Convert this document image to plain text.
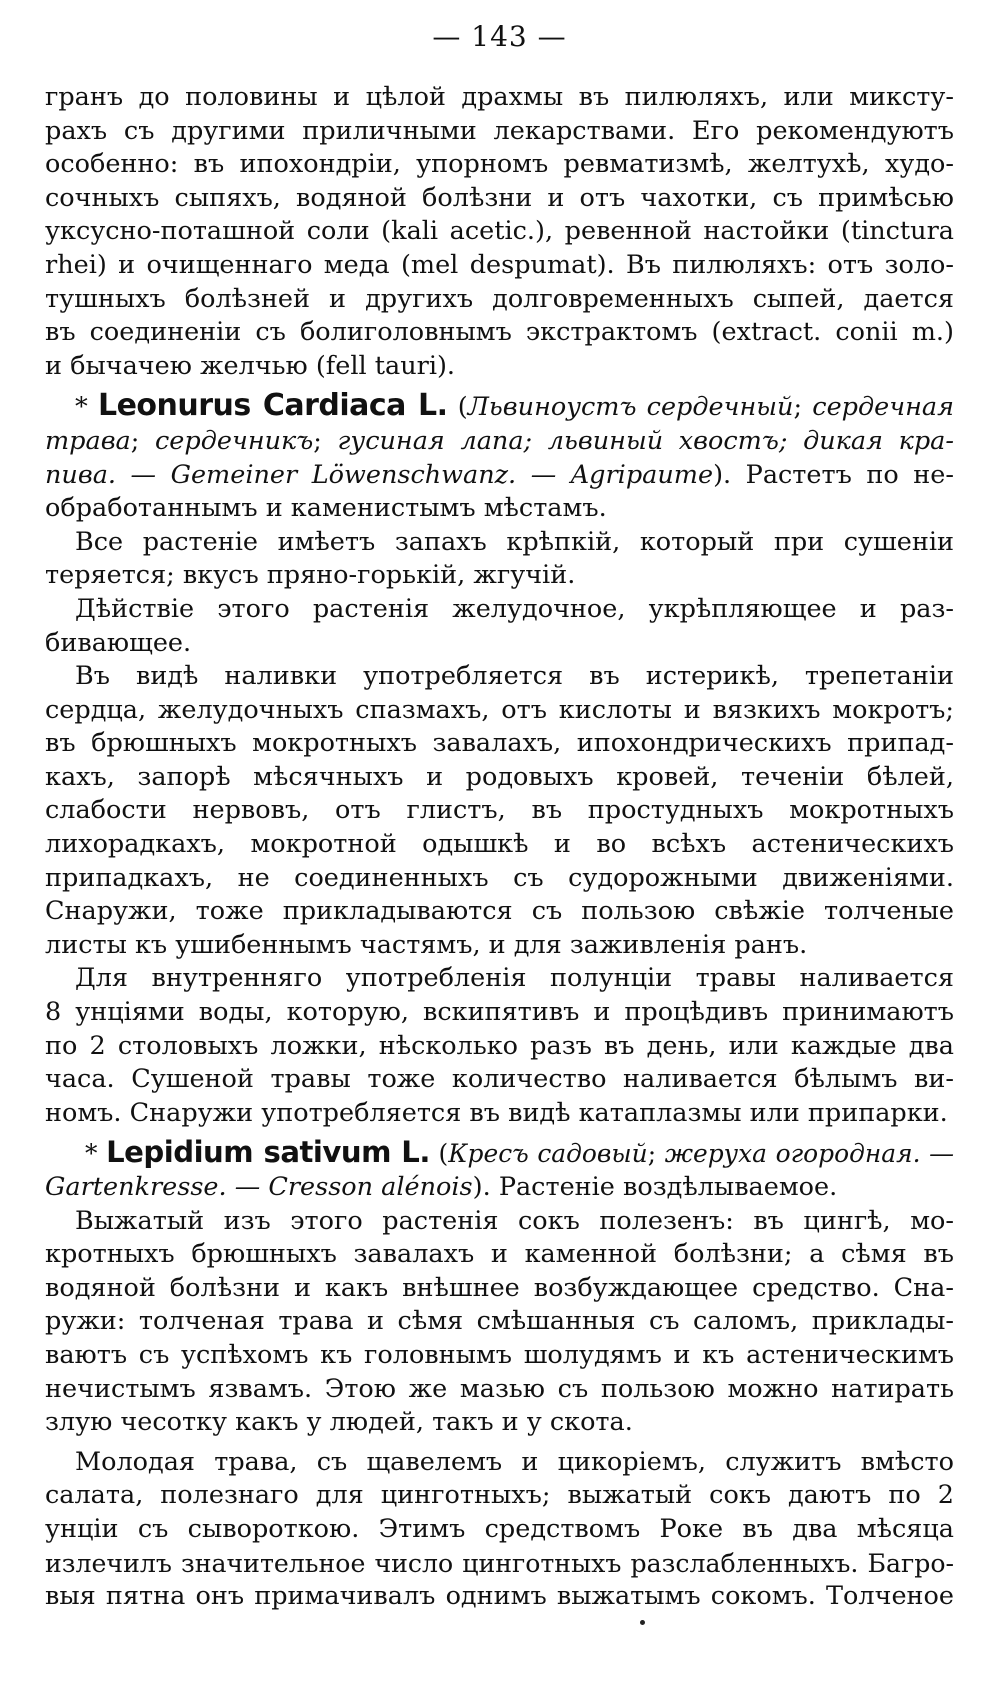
— 143 —
гранъ до половины и цѣлой драхмы въ пилюляхъ, или миксту-
рахъ съ другими приличными лекарствами. Его рекомендуютъ
особенно: въ ипохондріи, упорномъ ревматизмѣ, желтухѣ, худо-
сочныхъ сыпяхъ, водяной болѣзни и отъ чахотки, съ примѣсью
уксусно-поташной соли (kali acetic.), ревенной настойки (tinctura
rhei) и очищеннаго меда (mel despumat). Въ пилюляхъ: отъ золо-
тушныхъ болѣзней и другихъ долговременныхъ сыпей, дается
въ соединеніи съ болиголовнымъ экстрактомъ (extract. conii m.)
и бычачею желчью (fell tauri).
* Leonurus Cardiaca L. (Львиноустъ сердечный; сердечная
трава; сердечникъ; гусиная лапа; львиный хвостъ; дикая кра-
пива. — Gemeiner Löwenschwanz. — Agripaume). Растетъ по не-
обработаннымъ и каменистымъ мѣстамъ.
Все растеніе имѣетъ запахъ крѣпкій, который при сушеніи
теряется; вкусъ пряно-горькій, жгучій.
Дѣйствіе этого растенія желудочное, укрѣпляющее и раз-
бивающее.
Въ видѣ наливки употребляется въ истерикѣ, трепетаніи
сердца, желудочныхъ спазмахъ, отъ кислоты и вязкихъ мокротъ;
въ брюшныхъ мокротныхъ завалахъ, ипохондрическихъ припад-
кахъ, запорѣ мѣсячныхъ и родовыхъ кровей, теченіи бѣлей,
слабости нервовъ, отъ глистъ, въ простудныхъ мокротныхъ
лихорадкахъ, мокротной одышкѣ и во всѣхъ астеническихъ
припадкахъ, не соединенныхъ съ судорожными движеніями.
Снаружи, тоже прикладываются съ пользою свѣжіе толченые
листы къ ушибеннымъ частямъ, и для заживленія ранъ.
Для внутренняго употребленія полунціи травы наливается
8 унціями воды, которую, вскипятивъ и процѣдивъ принимаютъ
по 2 столовыхъ ложки, нѣсколько разъ въ день, или каждые два
часа. Сушеной травы тоже количество наливается бѣлымъ ви-
номъ. Снаружи употребляется въ видѣ катаплазмы или припарки.
* Lepidium sativum L. (Кресъ садовый; жеруха огородная. —
Gartenkresse. — Cresson alénois). Растеніе воздѣлываемое.
Выжатый изъ этого растенія сокъ полезенъ: въ цингѣ, мо-
кротныхъ брюшныхъ завалахъ и каменной болѣзни; а сѣмя въ
водяной болѣзни и какъ внѣшнее возбуждающее средство. Сна-
ружи: толченая трава и сѣмя смѣшанныя съ саломъ, приклады-
ваютъ съ успѣхомъ къ головнымъ шолудямъ и къ астеническимъ
нечистымъ язвамъ. Этою же мазью съ пользою можно натирать
злую чесотку какъ у людей, такъ и у скота.
Молодая трава, съ щавелемъ и цикоріемъ, служитъ вмѣсто
салата, полезнаго для цинготныхъ; выжатый сокъ даютъ по 2
унціи съ сывороткою. Этимъ средствомъ Роке въ два мѣсяца
излечилъ значительное число цинготныхъ разслабленныхъ. Багро-
выя пятна онъ примачивалъ однимъ выжатымъ сокомъ. Толченое
